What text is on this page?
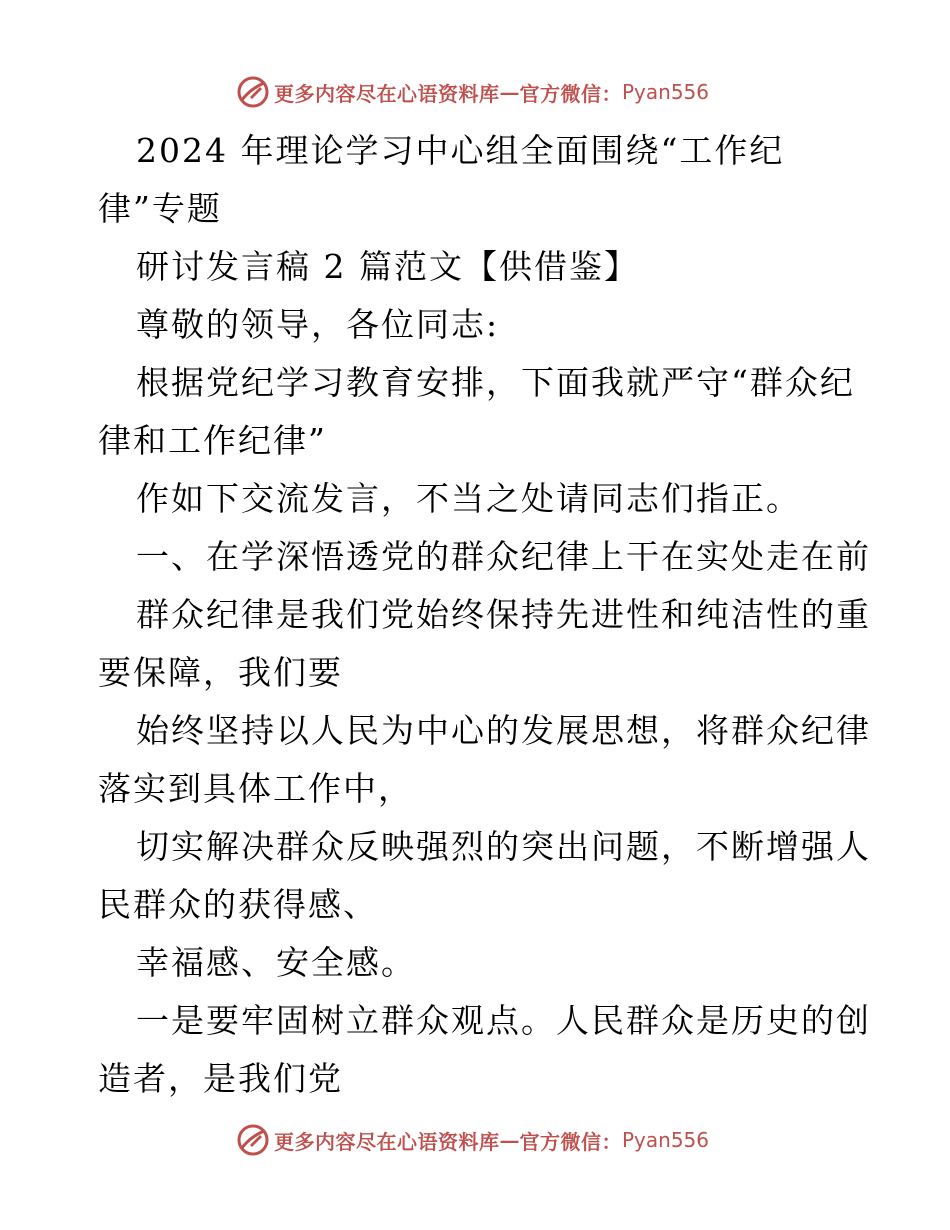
更多内容尽在心语资料库 — 官方微信： Pyan556
2024 年理论学习中心组全面围绕“工作纪
律”专题
研讨发言稿 2 篇范文【供借鉴】
尊敬的领导，各位同志:
根据党纪学习教育安排，下面我就严守“群众纪
律和工作纪律”
作如下交流发言，不当之处请同志们指正。
一、在学深悟透党的群众纪律上干在实处走在前
群众纪律是我们党始终保持先进性和纯洁性的重
要保障，我们要
始终坚持以人民为中心的发展思想，将群众纪律
落实到具体工作中，
切实解决群众反映强烈的突出问题，不断增强人
民群众的获得感、
幸福感、安全感。
一是要牢固树立群众观点。人民群众是历史的创
造者，是我们党
更多内容尽在心语资料库 — 官方微信： Pyan556
